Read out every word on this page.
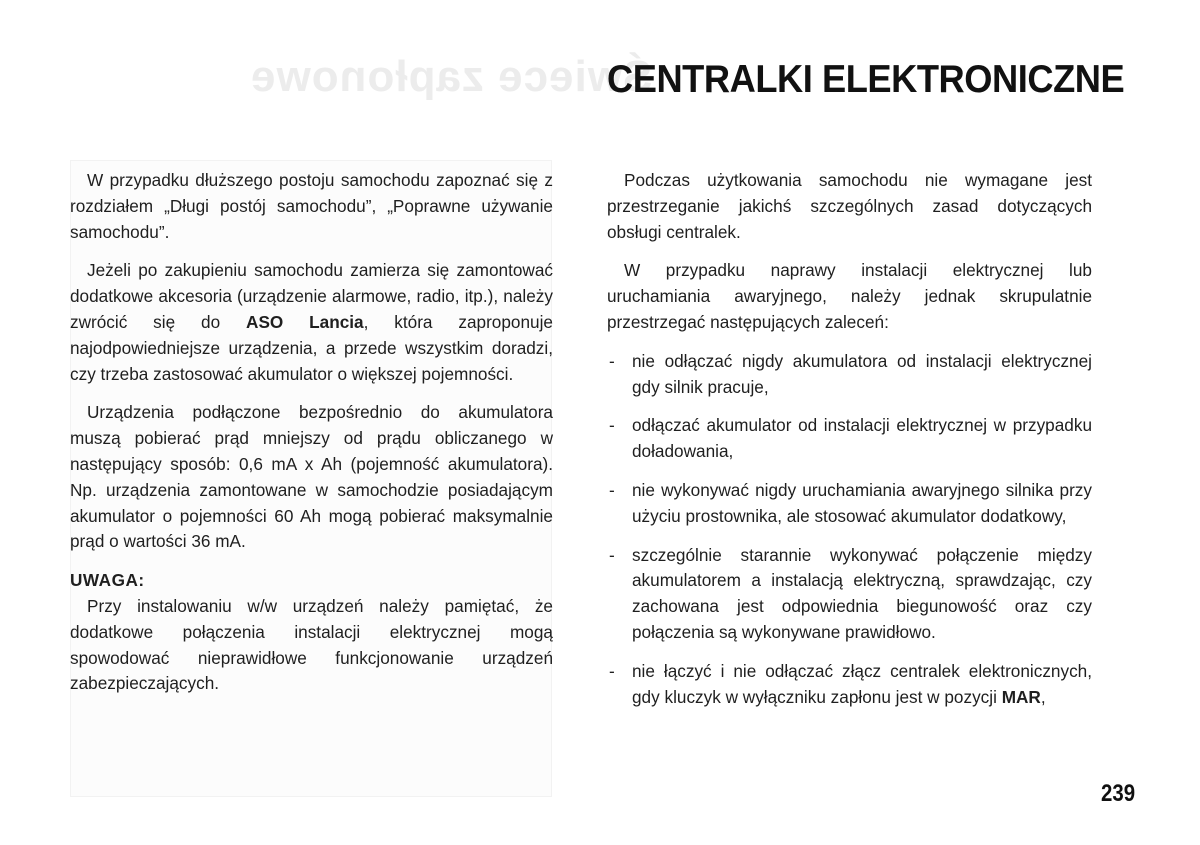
Świece zapłonowe
CENTRALKI ELEKTRONICZNE

W przypadku dłuższego postoju samochodu zapoznać się z rozdziałem „Długi postój samochodu”, „Poprawne używanie samochodu”.

Jeżeli po zakupieniu samochodu zamierza się zamontować dodatkowe akcesoria (urządzenie alarmowe, radio, itp.), należy zwrócić się do ASO Lancia, która zaproponuje najodpowiedniejsze urządzenia, a przede wszystkim doradzi, czy trzeba zastosować akumulator o większej pojemności.

Urządzenia podłączone bezpośrednio do akumulatora muszą pobierać prąd mniejszy od prądu obliczanego w następujący sposób: 0,6 mA x Ah (pojemność akumulatora). Np. urządzenia zamontowane w samochodzie posiadającym akumulator o pojemności 60 Ah mogą pobierać maksymalnie prąd o wartości 36 mA.

UWAGA:

Przy instalowaniu w/w urządzeń należy pamiętać, że dodatkowe połączenia instalacji elektrycznej mogą spowodować nieprawidłowe funkcjonowanie urządzeń zabezpieczających.

Podczas użytkowania samochodu nie wymagane jest przestrzeganie jakichś szczególnych zasad dotyczących obsługi centralek.

W przypadku naprawy instalacji elektrycznej lub uruchamiania awaryjnego, należy jednak skrupulatnie przestrzegać następujących zaleceń:

- nie odłączać nigdy akumulatora od instalacji elektrycznej gdy silnik pracuje,
- odłączać akumulator od instalacji elektrycznej w przypadku doładowania,
- nie wykonywać nigdy uruchamiania awaryjnego silnika przy użyciu prostownika, ale stosować akumulator dodatkowy,
- szczególnie starannie wykonywać połączenie między akumulatorem a instalacją elektryczną, sprawdzając, czy zachowana jest odpowiednia biegunowość oraz czy połączenia są wykonywane prawidłowo.
- nie łączyć i nie odłączać złącz centralek elektronicznych, gdy kluczyk w wyłączniku zapłonu jest w pozycji MAR,
239
